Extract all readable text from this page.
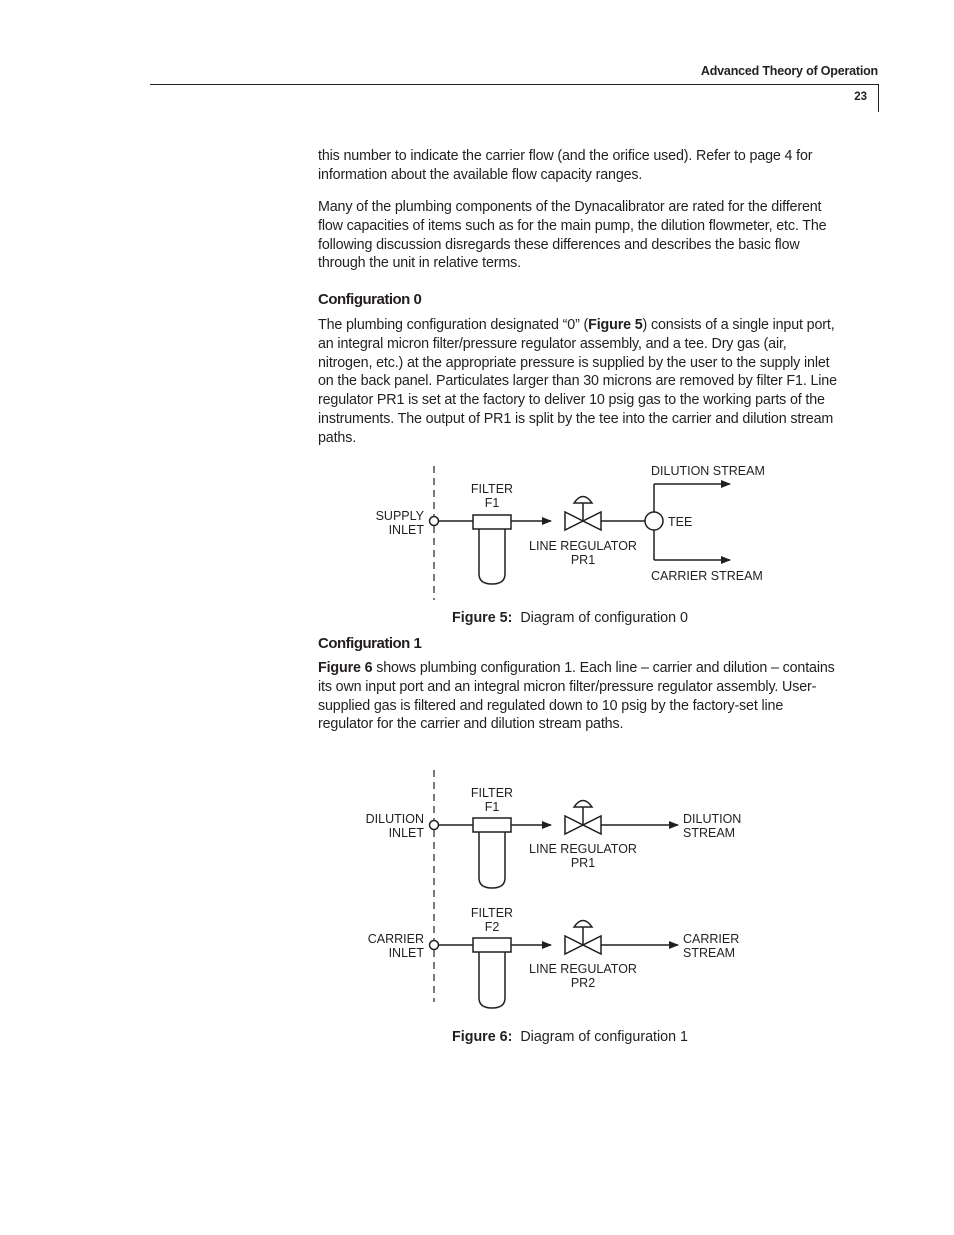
Advanced Theory of Operation
23

this number to indicate the carrier flow (and the orifice used). Refer to page 4 for information about the available flow capacity ranges.

Many of the plumbing components of the Dynacalibrator are rated for the different flow capacities of items such as for the main pump, the dilution flowmeter, etc. The following discussion disregards these differences and describes the basic flow through the unit in relative terms.

Configuration 0

The plumbing configuration designated “0” (Figure 5) consists of a single input port, an integral micron filter/pressure regulator assembly, and a tee. Dry gas (air, nitrogen, etc.) at the appropriate pressure is supplied by the user to the supply inlet on the back panel. Particulates larger than 30 microns are removed by filter F1. Line regulator PR1 is set at the factory to deliver 10 psig gas to the working parts of the instruments. The output of PR1 is split by the tee into the carrier and dilution stream paths.

SUPPLY
INLET
FILTER
F1
LINE REGULATOR
PR1
TEE
DILUTION STREAM
CARRIER STREAM
Figure 5: Diagram of configuration 0
Configuration 1

Figure 6 shows plumbing configuration 1. Each line – carrier and dilution – contains its own input port and an integral micron filter/pressure regulator assembly. User-supplied gas is filtered and regulated down to 10 psig by the factory-set line regulator for the carrier and dilution stream paths.

DILUTION
INLET
FILTER
F1
LINE REGULATOR
PR1
DILUTION
STREAM
CARRIER
INLET
FILTER
F2
LINE REGULATOR
PR2
CARRIER
STREAM
Figure 6: Diagram of configuration 1
